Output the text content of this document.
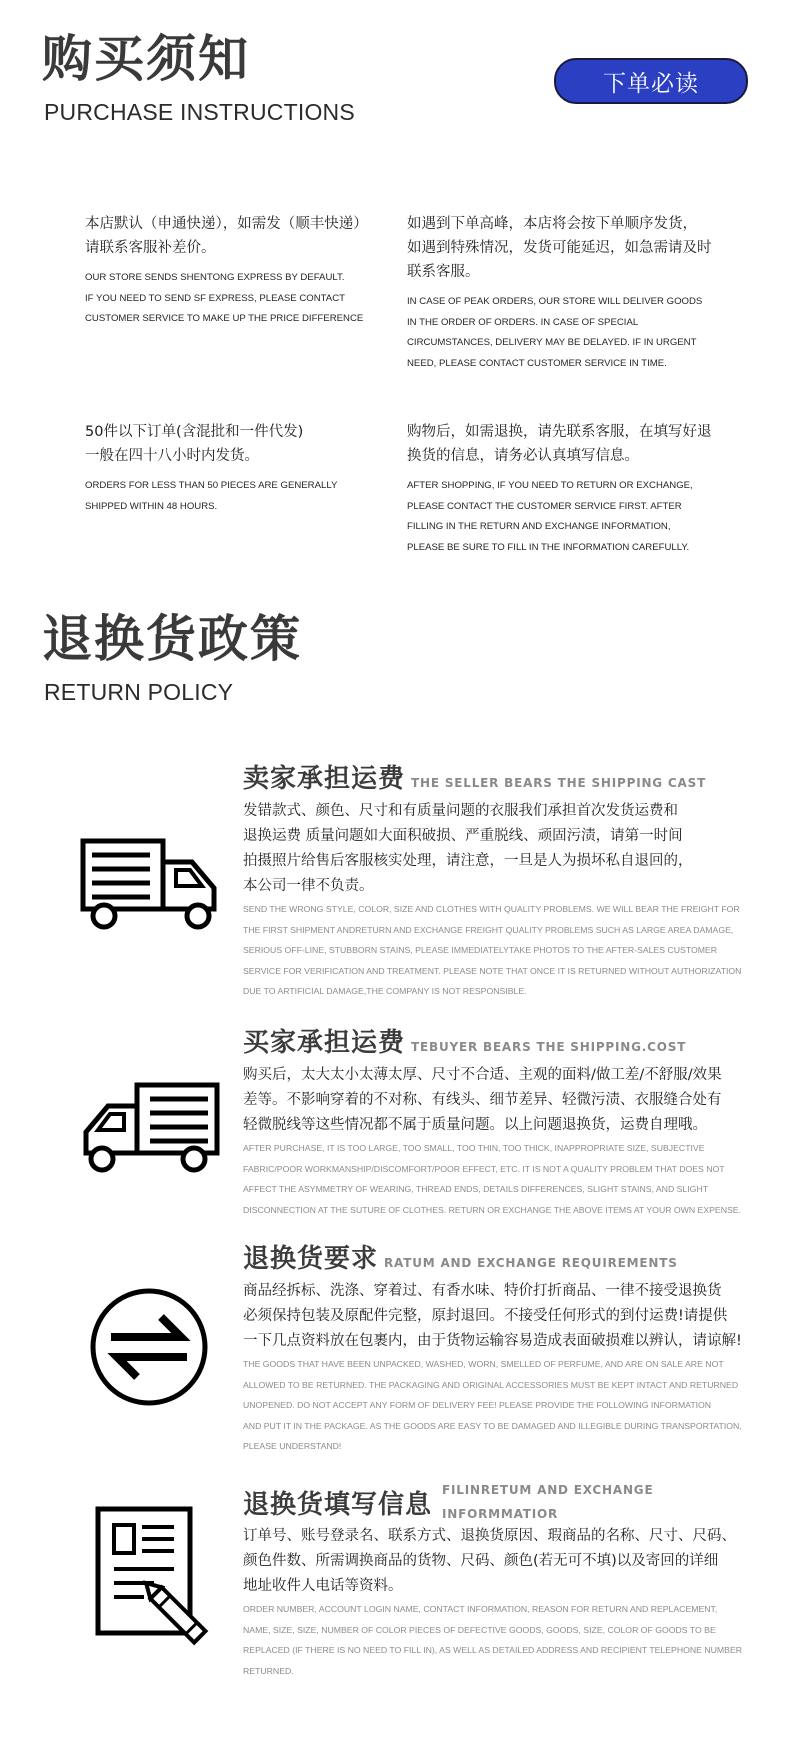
购买须知
PURCHASE INSTRUCTIONS
下单必读

本店默认（申通快递），如需发（顺丰快递）
请联系客服补差价。

OUR STORE SENDS SHENTONG EXPRESS BY DEFAULT.
IF YOU NEED TO SEND SF EXPRESS, PLEASE CONTACT
CUSTOMER SERVICE TO MAKE UP THE PRICE DIFFERENCE

如遇到下单高峰，本店将会按下单顺序发货，
如遇到特殊情况，发货可能延迟，如急需请及时
联系客服。

IN CASE OF PEAK ORDERS, OUR STORE WILL DELIVER GOODS
IN THE ORDER OF ORDERS. IN CASE OF SPECIAL
CIRCUMSTANCES, DELIVERY MAY BE DELAYED. IF IN URGENT
NEED, PLEASE CONTACT CUSTOMER SERVICE IN TIME.

50件以下订单(含混批和一件代发)
一般在四十八小时内发货。

ORDERS FOR LESS THAN 50 PIECES ARE GENERALLY
SHIPPED WITHIN 48 HOURS.

购物后，如需退换，请先联系客服，在填写好退
换货的信息，请务必认真填写信息。

AFTER SHOPPING, IF YOU NEED TO RETURN OR EXCHANGE,
PLEASE CONTACT THE CUSTOMER SERVICE FIRST. AFTER
FILLING IN THE RETURN AND EXCHANGE INFORMATION,
PLEASE BE SURE TO FILL IN THE INFORMATION CAREFULLY.

退换货政策
RETURN POLICY
卖家承担运费 THE SELLER BEARS THE SHIPPING CAST

发错款式、颜色、尺寸和有质量问题的衣服我们承担首次发货运费和
退换运费 质量问题如大面积破损、严重脱线、顽固污渍，请第一时间
拍摄照片给售后客服核实处理，请注意，一旦是人为损坏私自退回的，
本公司一律不负责。

SEND THE WRONG STYLE, COLOR, SIZE AND CLOTHES WITH QUALITY PROBLEMS. WE WILL BEAR THE FREIGHT FOR
THE FIRST SHIPMENT ANDRETURN AND EXCHANGE FREIGHT QUALITY PROBLEMS SUCH AS LARGE AREA DAMAGE,
SERIOUS OFF-LINE, STUBBORN STAINS, PLEASE IMMEDIATELYTAKE PHOTOS TO THE AFTER-SALES CUSTOMER
SERVICE FOR VERIFICATION AND TREATMENT. PLEASE NOTE THAT ONCE IT IS RETURNED WITHOUT AUTHORIZATION
DUE TO ARTIFICIAL DAMAGE,THE COMPANY IS NOT RESPONSIBLE.

买家承担运费 TEBUYER BEARS THE SHIPPING.COST

购买后，太大太小太薄太厚、尺寸不合适、主观的面料/做工差/不舒服/效果
差等。不影响穿着的不对称、有线头、细节差异、轻微污渍、衣服缝合处有
轻微脱线等这些情况都不属于质量问题。以上问题退换货，运费自理哦。

AFTER PURCHASE, IT IS TOO LARGE, TOO SMALL, TOO THIN, TOO THICK, INAPPROPRIATE SIZE, SUBJECTIVE
FABRIC/POOR WORKMANSHIP/DISCOMFORT/POOR EFFECT, ETC. IT IS NOT A QUALITY PROBLEM THAT DOES NOT
AFFECT THE ASYMMETRY OF WEARING, THREAD ENDS, DETAILS DIFFERENCES, SLIGHT STAINS, AND SLIGHT
DISCONNECTION AT THE SUTURE OF CLOTHES. RETURN OR EXCHANGE THE ABOVE ITEMS AT YOUR OWN EXPENSE.

退换货要求 RATUM AND EXCHANGE REQUIREMENTS

商品经拆标、洗涤、穿着过、有香水味、特价打折商品、一律不接受退换货
必须保持包装及原配件完整，原封退回。不接受任何形式的到付运费!请提供
一下几点资料放在包裹内，由于货物运输容易造成表面破损难以辨认，请谅解!

THE GOODS THAT HAVE BEEN UNPACKED, WASHED, WORN, SMELLED OF PERFUME, AND ARE ON SALE ARE NOT
ALLOWED TO BE RETURNED. THE PACKAGING AND ORIGINAL ACCESSORIES MUST BE KEPT INTACT AND RETURNED
UNOPENED. DO NOT ACCEPT ANY FORM OF DELIVERY FEE! PLEASE PROVIDE THE FOLLOWING INFORMATION
AND PUT IT IN THE PACKAGE. AS THE GOODS ARE EASY TO BE DAMAGED AND ILLEGIBLE DURING TRANSPORTATION,
PLEASE UNDERSTAND!

退换货填写信息 FILINRETUM AND EXCHANGE
INFORMMATIOR

订单号、账号登录名、联系方式、退换货原因、瑕商品的名称、尺寸、尺码、
颜色件数、所需调换商品的货物、尺码、颜色(若无可不填)以及寄回的详细
地址收件人电话等资料。

ORDER NUMBER, ACCOUNT LOGIN NAME, CONTACT INFORMATION, REASON FOR RETURN AND REPLACEMENT,
NAME, SIZE, SIZE, NUMBER OF COLOR PIECES OF DEFECTIVE GOODS, GOODS, SIZE, COLOR OF GOODS TO BE
REPLACED (IF THERE IS NO NEED TO FILL IN), AS WELL AS DETAILED ADDRESS AND RECIPIENT TELEPHONE NUMBER
RETURNED.
